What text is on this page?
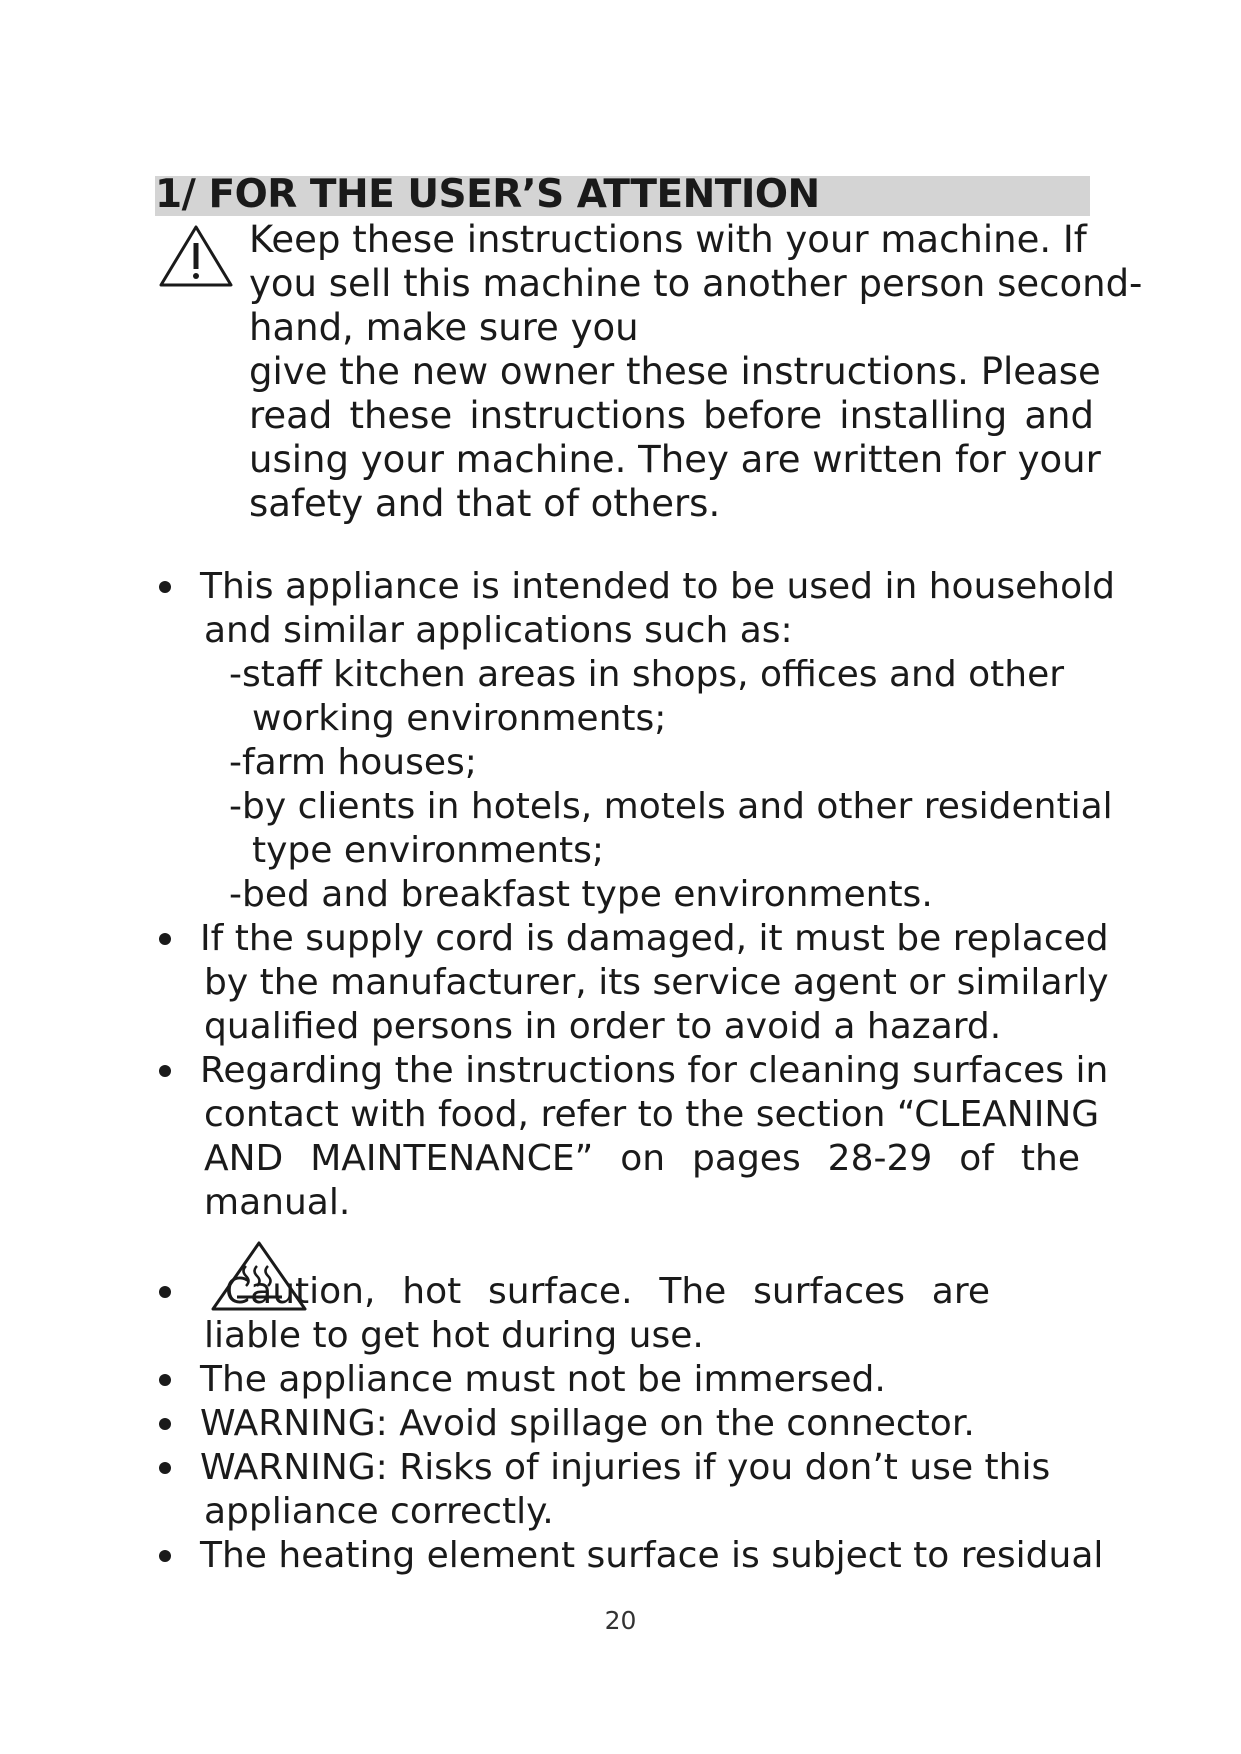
1/ FOR THE USER’S ATTENTION
Keep these instructions with your machine. If
you sell this machine to another person second-
hand, make sure you
give the new owner these instructions. Please
read these instructions before installing and
using your machine. They are written for your
safety and that of others.
This appliance is intended to be used in household
and similar applications such as:
-staff kitchen areas in shops, offices and other
working environments;
-farm houses;
-by clients in hotels, motels and other residential
type environments;
-bed and breakfast type environments.
If the supply cord is damaged, it must be replaced
by the manufacturer, its service agent or similarly
qualified persons in order to avoid a hazard.
Regarding the instructions for cleaning surfaces in
contact with food, refer to the section “CLEANING
AND MAINTENANCE” on pages 28-29 of the
manual.
Caution, hot surface. The surfaces are
liable to get hot during use.
The appliance must not be immersed.
WARNING: Avoid spillage on the connector.
WARNING: Risks of injuries if you don’t use this
appliance correctly.
The heating element surface is subject to residual
20
